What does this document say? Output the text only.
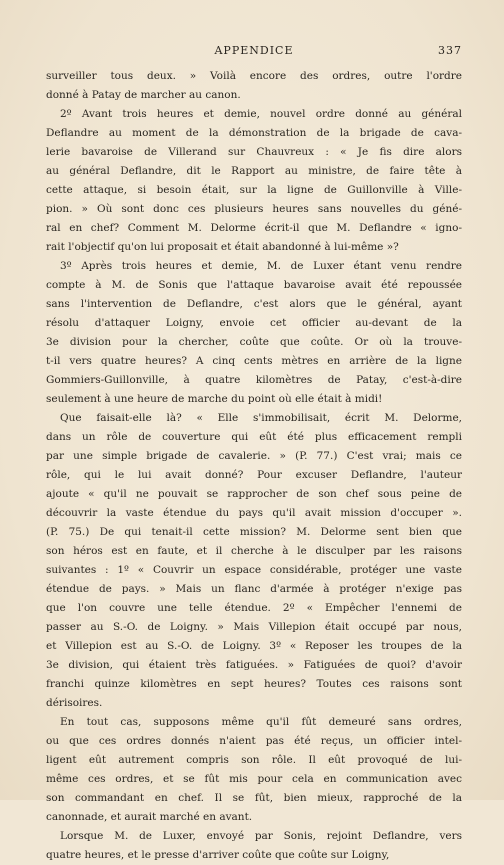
APPENDICE	337

surveiller tous deux. » Voilà encore des ordres, outre l'ordre
donné à Patay de marcher au canon.

2º Avant trois heures et demie, nouvel ordre donné au général
Deflandre au moment de la démonstration de la brigade de cava-
lerie bavaroise de Villerand sur Chauvreux : « Je fis dire alors
au général Deflandre, dit le Rapport au ministre, de faire tête à
cette attaque, si besoin était, sur la ligne de Guillonville à Ville-
pion. » Où sont donc ces plusieurs heures sans nouvelles du géné-
ral en chef? Comment M. Delorme écrit-il que M. Deflandre « igno-
rait l'objectif qu'on lui proposait et était abandonné à lui-même »?

3º Après trois heures et demie, M. de Luxer étant venu rendre
compte à M. de Sonis que l'attaque bavaroise avait été repoussée
sans l'intervention de Deflandre, c'est alors que le général, ayant
résolu d'attaquer Loigny, envoie cet officier au-devant de la
3e division pour la chercher, coûte que coûte. Or où la trouve-
t-il vers quatre heures? A cinq cents mètres en arrière de la ligne
Gommiers-Guillonville, à quatre kilomètres de Patay, c'est-à-dire
seulement à une heure de marche du point où elle était à midi!

Que faisait-elle là? « Elle s'immobilisait, écrit M. Delorme,
dans un rôle de couverture qui eût été plus efficacement rempli
par une simple brigade de cavalerie. » (P. 77.) C'est vrai; mais ce
rôle, qui le lui avait donné? Pour excuser Deflandre, l'auteur
ajoute « qu'il ne pouvait se rapprocher de son chef sous peine de
découvrir la vaste étendue du pays qu'il avait mission d'occuper ».
(P. 75.) De qui tenait-il cette mission? M. Delorme sent bien que
son héros est en faute, et il cherche à le disculper par les raisons
suivantes : 1º « Couvrir un espace considérable, protéger une vaste
étendue de pays. » Mais un flanc d'armée à protéger n'exige pas
que l'on couvre une telle étendue. 2º « Empêcher l'ennemi de
passer au S.-O. de Loigny. » Mais Villepion était occupé par nous,
et Villepion est au S.-O. de Loigny. 3º « Reposer les troupes de la
3e division, qui étaient très fatiguées. » Fatiguées de quoi? d'avoir
franchi quinze kilomètres en sept heures? Toutes ces raisons sont
dérisoires.

En tout cas, supposons même qu'il fût demeuré sans ordres,
ou que ces ordres donnés n'aient pas été reçus, un officier intel-
ligent eût autrement compris son rôle. Il eût provoqué de lui-
même ces ordres, et se fût mis pour cela en communication avec
son commandant en chef. Il se fût, bien mieux, rapproché de la
canonnade, et aurait marché en avant.

Lorsque M. de Luxer, envoyé par Sonis, rejoint Deflandre, vers
quatre heures, et le presse d'arriver coûte que coûte sur Loigny,
